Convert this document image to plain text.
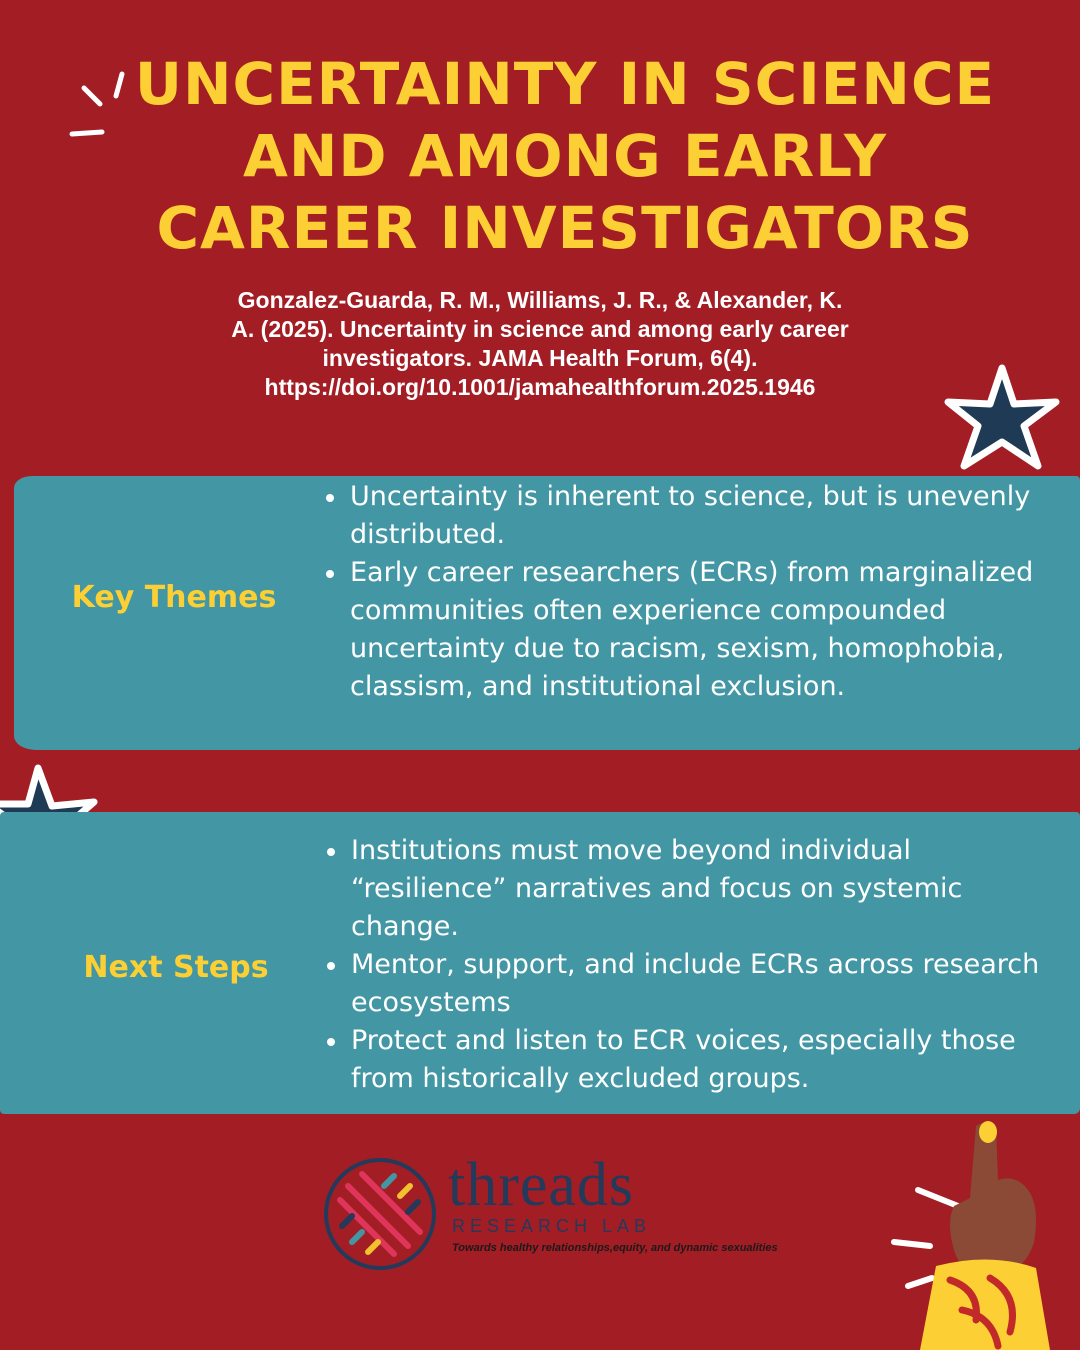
UNCERTAINTY IN SCIENCE
AND AMONG EARLY
CAREER INVESTIGATORS
Gonzalez-Guarda, R. M., Williams, J. R., & Alexander, K.
A. (2025). Uncertainty in science and among early career
investigators. JAMA Health Forum, 6(4).
https://doi.org/10.1001/jamahealthforum.2025.1946
Key Themes
Uncertainty is inherent to science, but is unevenly distributed.
Early career researchers (ECRs) from marginalized communities often experience compounded uncertainty due to racism, sexism, homophobia, classism, and institutional exclusion.
Next Steps
Institutions must move beyond individual “resilience” narratives and focus on systemic change.
Mentor, support, and include ECRs across research ecosystems
Protect and listen to ECR voices, especially those from historically excluded groups.
threads
RESEARCH LAB
Towards healthy relationships,equity, and dynamic sexualities
